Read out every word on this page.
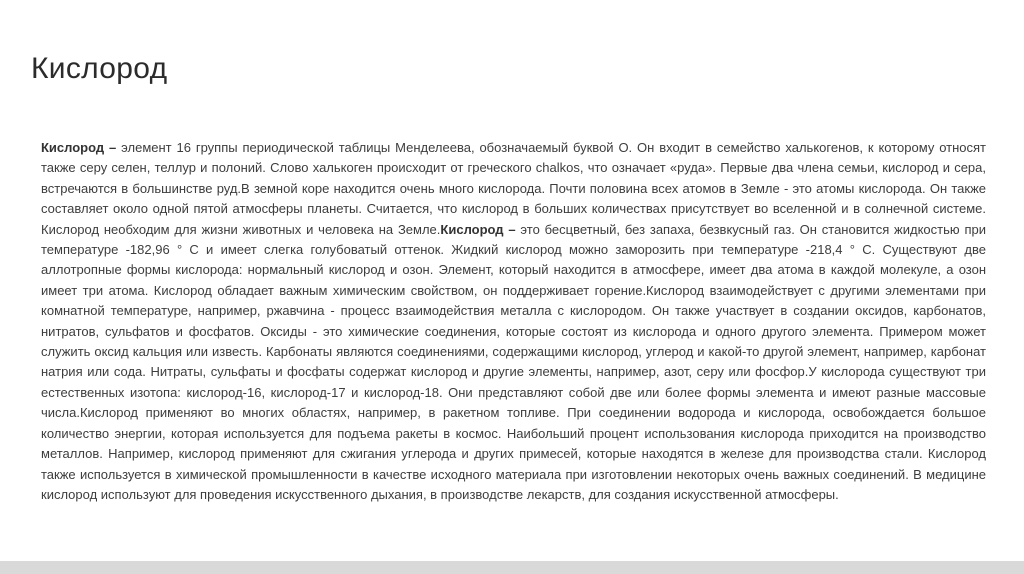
Кислород

Кислород – элемент 16 группы периодической таблицы Менделеева, обозначаемый буквой О. Он входит в семейство халькогенов, к которому относят также серу селен, теллур и полоний. Слово халькоген происходит от греческого chalkos, что означает «руда». Первые два члена семьи, кислород и сера, встречаются в большинстве руд.В земной коре находится очень много кислорода. Почти половина всех атомов в Земле - это атомы кислорода. Он также составляет около одной пятой атмосферы планеты. Считается, что кислород в больших количествах присутствует во вселенной и в солнечной системе. Кислород необходим для жизни животных и человека на Земле.Кислород – это бесцветный, без запаха, безвкусный газ. Он становится жидкостью при температуре -182,96 ° C и имеет слегка голубоватый оттенок. Жидкий кислород можно заморозить при температуре -218,4 ° C. Существуют две аллотропные формы кислорода: нормальный кислород и озон. Элемент, который находится в атмосфере, имеет два атома в каждой молекуле, а озон имеет три атома. Кислород обладает важным химическим свойством, он поддерживает горение.Кислород взаимодействует с другими элементами при комнатной температуре, например, ржавчина - процесс взаимодействия металла с кислородом. Он также участвует в создании оксидов, карбонатов, нитратов, сульфатов и фосфатов. Оксиды - это химические соединения, которые состоят из кислорода и одного другого элемента. Примером может служить оксид кальция или известь. Карбонаты являются соединениями, содержащими кислород, углерод и какой-то другой элемент, например, карбонат натрия или сода. Нитраты, сульфаты и фосфаты содержат кислород и другие элементы, например, азот, серу или фосфор.У кислорода существуют три естественных изотопа: кислород-16, кислород-17 и кислород-18. Они представляют собой две или более формы элемента и имеют разные массовые числа.Кислород применяют во многих областях, например, в ракетном топливе. При соединении водорода и кислорода, освобождается большое количество энергии, которая используется для подъема ракеты в космос. Наибольший процент использования кислорода приходится на производство металлов. Например, кислород применяют для сжигания углерода и других примесей, которые находятся в железе для производства стали. Кислород также используется в химической промышленности в качестве исходного материала при изготовлении некоторых очень важных соединений. В медицине кислород используют для проведения искусственного дыхания, в производстве лекарств, для создания искусственной атмосферы.
